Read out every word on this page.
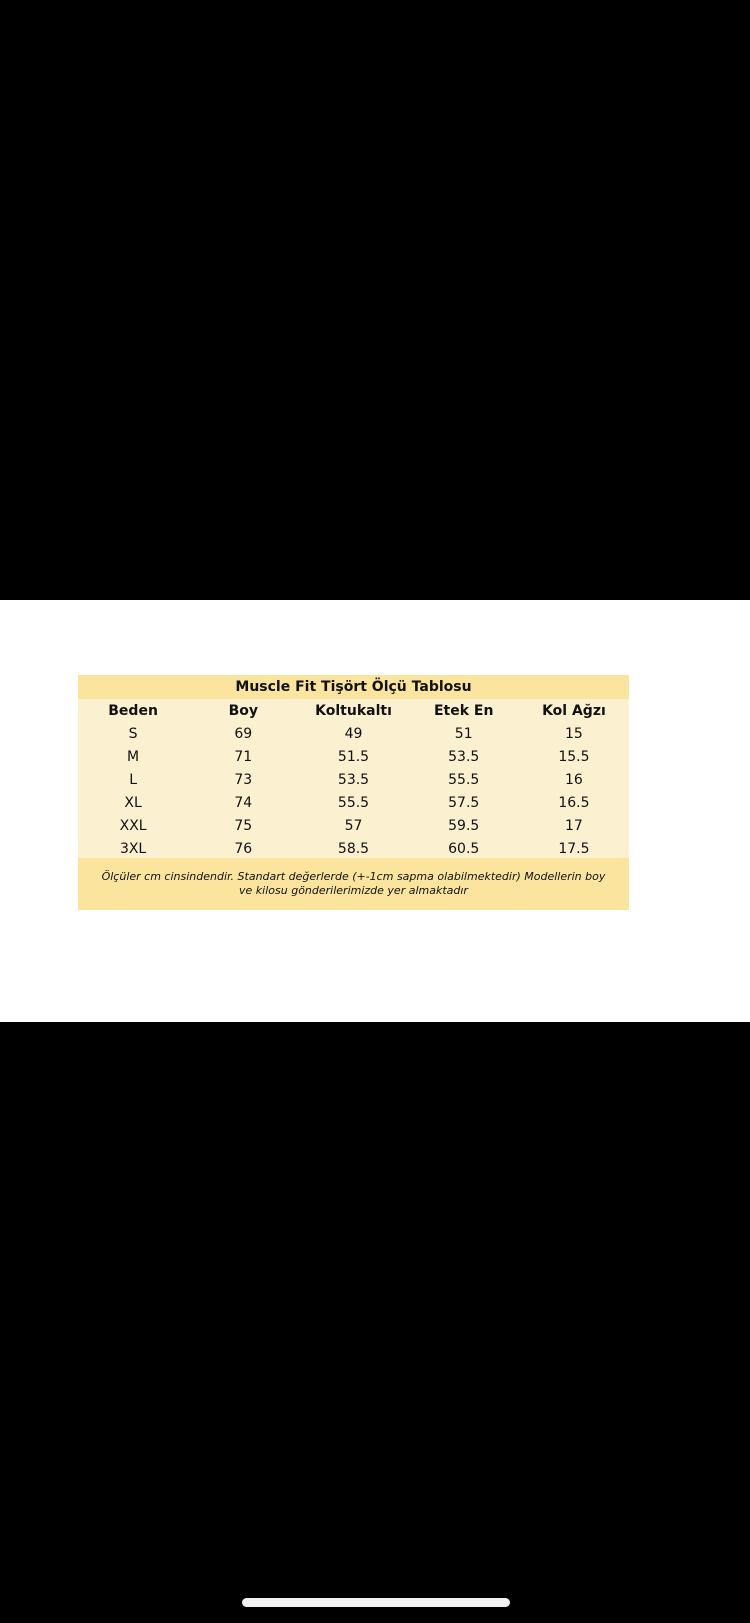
Muscle Fit Tişört Ölçü Tablosu
Beden	Boy	Koltukaltı	Etek En	Kol Ağzı
S	69	49	51	15
M	71	51.5	53.5	15.5
L	73	53.5	55.5	16
XL	74	55.5	57.5	16.5
XXL	75	57	59.5	17
3XL	76	58.5	60.5	17.5
Ölçüler cm cinsindendir. Standart değerlerde (+-1cm sapma olabilmektedir) Modellerin boy ve kilosu gönderilerimizde yer almaktadır
